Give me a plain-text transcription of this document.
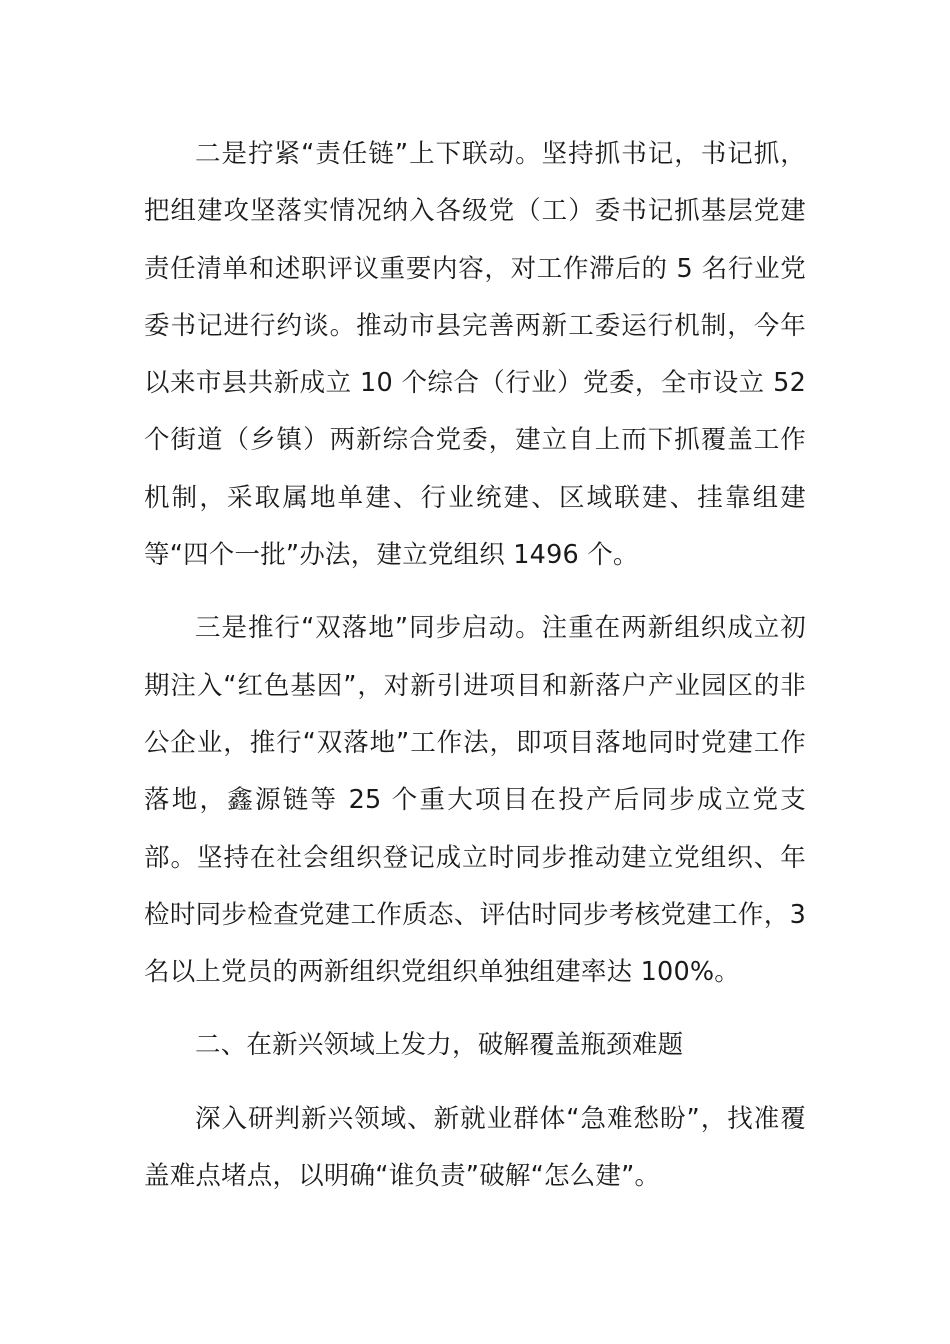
二是拧紧“责任链”上下联动。坚持抓书记，书记抓，把组建攻坚落实情况纳入各级党（工）委书记抓基层党建责任清单和述职评议重要内容，对工作滞后的 5 名行业党委书记进行约谈。推动市县完善两新工委运行机制，今年以来市县共新成立 10 个综合（行业）党委，全市设立 52 个街道（乡镇）两新综合党委，建立自上而下抓覆盖工作机制，采取属地单建、行业统建、区域联建、挂靠组建等“四个一批”办法，建立党组织 1496 个。

三是推行“双落地”同步启动。注重在两新组织成立初期注入“红色基因”，对新引进项目和新落户产业园区的非公企业，推行“双落地”工作法，即项目落地同时党建工作落地，鑫源链等 25 个重大项目在投产后同步成立党支部。坚持在社会组织登记成立时同步推动建立党组织、年检时同步检查党建工作质态、评估时同步考核党建工作，3 名以上党员的两新组织党组织单独组建率达 100%。

二、在新兴领域上发力，破解覆盖瓶颈难题

深入研判新兴领域、新就业群体“急难愁盼”，找准覆盖难点堵点，以明确“谁负责”破解“怎么建”。
